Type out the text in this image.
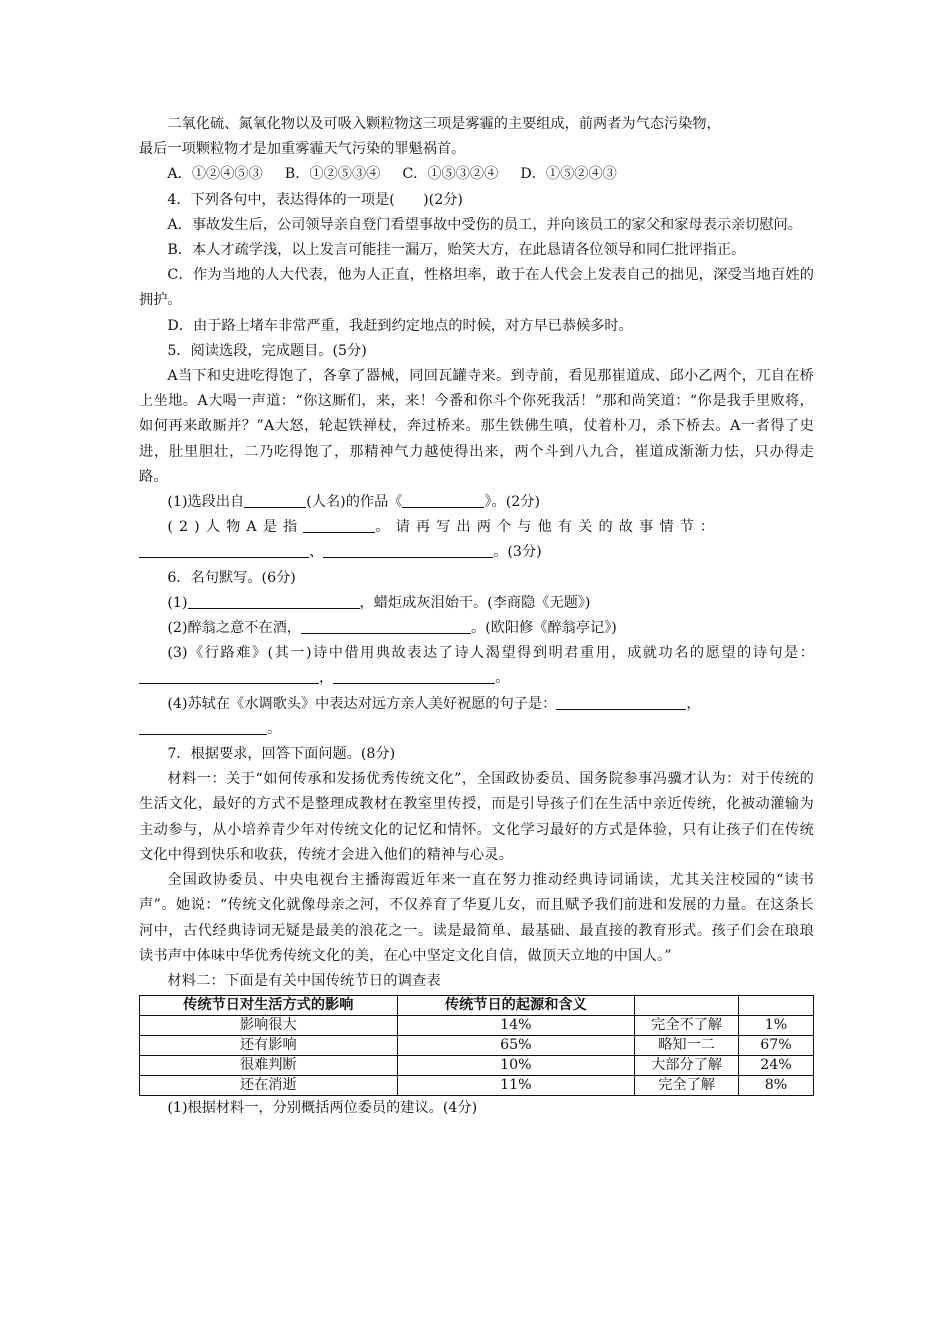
二氧化硫、氮氧化物以及可吸入颗粒物这三项是雾霾的主要组成，前两者为气态污染物，

最后一项颗粒物才是加重雾霾天气污染的罪魁祸首。

A．①②④⑤③ B．①②⑤③④ C．①⑤③②④ D．①⑤②④③

4．下列各句中，表达得体的一项是(　　)(2分)

A．事故发生后，公司领导亲自登门看望事故中受伤的员工，并向该员工的家父和家母表示亲切慰问。

B．本人才疏学浅，以上发言可能挂一漏万，贻笑大方，在此恳请各位领导和同仁批评指正。

C．作为当地的人大代表，他为人正直，性格坦率，敢于在人代会上发表自己的拙见，深受当地百姓的拥护。

D．由于路上堵车非常严重，我赶到约定地点的时候，对方早已恭候多时。

5．阅读选段，完成题目。(5分)

A当下和史进吃得饱了，各拿了器械，同回瓦罐寺来。到寺前，看见那崔道成、邱小乙两个，兀自在桥上坐地。A大喝一声道：“你这厮们，来，来！今番和你斗个你死我活！”那和尚笑道：“你是我手里败将，如何再来敢厮并？”A大怒，轮起铁禅杖，奔过桥来。那生铁佛生嗔，仗着朴刀，杀下桥去。A一者得了史进，肚里胆壮，二乃吃得饱了，那精神气力越使得出来，两个斗到八九合，崔道成渐渐力怯，只办得走路。

(1)选段出自	(人名)的作品《	》。(2分)

(2)人物A是指	。请再写出两个与他有关的故事情节：

、	。(3分)

6．名句默写。(6分)

(1)	，蜡炬成灰泪始干。(李商隐《无题》)

(2)醉翁之意不在酒，	。(欧阳修《醉翁亭记》)

(3)《行路难》(其一)诗中借用典故表达了诗人渴望得到明君重用，成就功名的愿望的诗句是：，	。

(4)苏轼在《水调歌头》中表达对远方亲人美好祝愿的句子是：	，

。

7．根据要求，回答下面问题。(8分)

材料一：关于“如何传承和发扬优秀传统文化”，全国政协委员、国务院参事冯骥才认为：对于传统的生活文化，最好的方式不是整理成教材在教室里传授，而是引导孩子们在生活中亲近传统，化被动灌输为主动参与，从小培养青少年对传统文化的记忆和情怀。文化学习最好的方式是体验，只有让孩子们在传统文化中得到快乐和收获，传统才会进入他们的精神与心灵。

全国政协委员、中央电视台主播海霞近年来一直在努力推动经典诗词诵读，尤其关注校园的“读书声”。她说：“传统文化就像母亲之河，不仅养育了华夏儿女，而且赋予我们前进和发展的力量。在这条长河中，古代经典诗词无疑是最美的浪花之一。读是最简单、最基础、最直接的教育形式。孩子们会在琅琅读书声中体味中华优秀传统文化的美，在心中坚定文化自信，做顶天立地的中国人。”

材料二：下面是有关中国传统节日的调查表

传统节日对生活方式的影响	传统节日的起源和含义		
影响很大	14%	完全不了解	1%
还有影响	65%	略知一二	67%
很难判断	10%	大部分了解	24%
还在消逝	11%	完全了解	8%

(1)根据材料一，分别概括两位委员的建议。(4分)
